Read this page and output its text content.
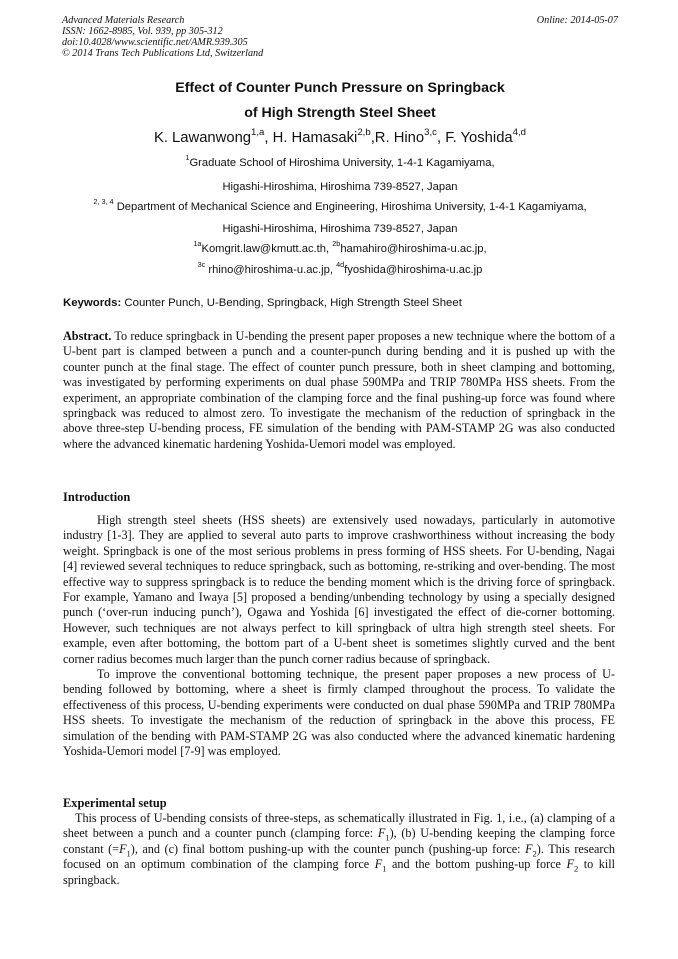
Advanced Materials Research
ISSN: 1662-8985, Vol. 939, pp 305-312
doi:10.4028/www.scientific.net/AMR.939.305
© 2014 Trans Tech Publications Ltd, Switzerland
Online: 2014-05-07
Effect of Counter Punch Pressure on Springback
of High Strength Steel Sheet
K. Lawanwong$^{1,a}$, H. Hamasaki$^{2,b}$,R. Hino$^{3,c}$, F. Yoshida$^{4,d}$
$^1$Graduate School of Hiroshima University, 1-4-1 Kagamiyama,
Higashi-Hiroshima, Hiroshima 739-8527, Japan
$^{2, 3, 4}$ Department of Mechanical Science and Engineering, Hiroshima University, 1-4-1 Kagamiyama,
Higashi-Hiroshima, Hiroshima 739-8527, Japan
$^{1a}$Komgrit.law@kmutt.ac.th, $^{2b}$hamahiro@hiroshima-u.ac.jp,
$^{3c}$ rhino@hiroshima-u.ac.jp, $^{4d}$fyoshida@hiroshima-u.ac.jp
Keywords: Counter Punch, U-Bending, Springback, High Strength Steel Sheet

Abstract. To reduce springback in U-bending the present paper proposes a new technique where the bottom of a U-bent part is clamped between a punch and a counter-punch during bending and it is pushed up with the counter punch at the final stage. The effect of counter punch pressure, both in sheet clamping and bottoming, was investigated by performing experiments on dual phase 590MPa and TRIP 780MPa HSS sheets. From the experiment, an appropriate combination of the clamping force and the final pushing-up force was found where springback was reduced to almost zero. To investigate the mechanism of the reduction of springback in the above three-step U-bending process, FE simulation of the bending with PAM-STAMP 2G was also conducted where the advanced kinematic hardening Yoshida-Uemori model was employed.

Introduction

High strength steel sheets (HSS sheets) are extensively used nowadays, particularly in automotive industry [1-3]. They are applied to several auto parts to improve crashworthiness without increasing the body weight. Springback is one of the most serious problems in press forming of HSS sheets. For U-bending, Nagai [4] reviewed several techniques to reduce springback, such as bottoming, re-striking and over-bending. The most effective way to suppress springback is to reduce the bending moment which is the driving force of springback. For example, Yamano and Iwaya [5] proposed a bending/unbending technology by using a specially designed punch (‘over-run inducing punch’), Ogawa and Yoshida [6] investigated the effect of die-corner bottoming. However, such techniques are not always perfect to kill springback of ultra high strength steel sheets. For example, even after bottoming, the bottom part of a U-bent sheet is sometimes slightly curved and the bent corner radius becomes much larger than the punch corner radius because of springback.

To improve the conventional bottoming technique, the present paper proposes a new process of U-bending followed by bottoming, where a sheet is firmly clamped throughout the process. To validate the effectiveness of this process, U-bending experiments were conducted on dual phase 590MPa and TRIP 780MPa HSS sheets. To investigate the mechanism of the reduction of springback in the above this process, FE simulation of the bending with PAM-STAMP 2G was also conducted where the advanced kinematic hardening Yoshida-Uemori model [7-9] was employed.

Experimental setup

This process of U-bending consists of three-steps, as schematically illustrated in Fig. 1, i.e., (a) clamping of a sheet between a punch and a counter punch (clamping force: $F_1$), (b) U-bending keeping the clamping force constant $(=F_1)$, and (c) final bottom pushing-up with the counter punch (pushing-up force: $F_2$). This research focused on an optimum combination of the clamping force $F_1$ and the bottom pushing-up force $F_2$ to kill springback.
